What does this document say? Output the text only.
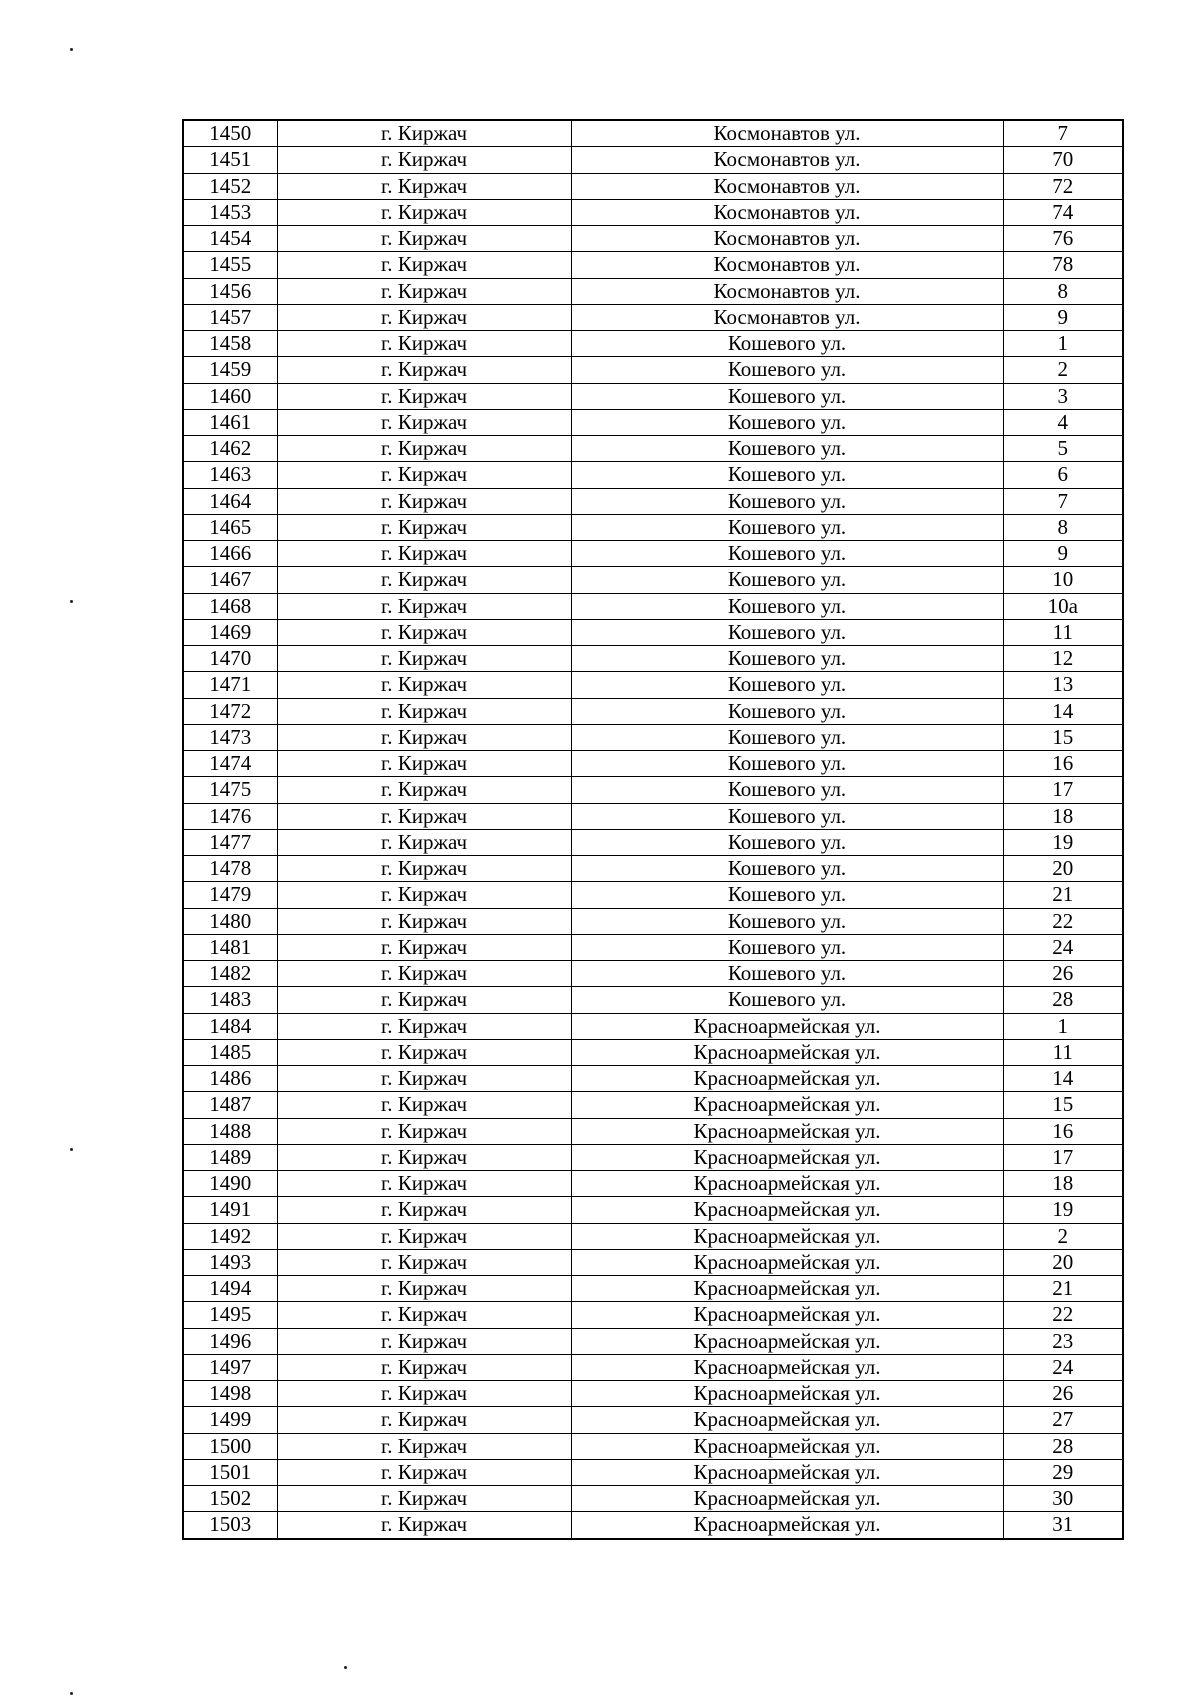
1450	г. Киржач	Космонавтов ул.	7
1451	г. Киржач	Космонавтов ул.	70
1452	г. Киржач	Космонавтов ул.	72
1453	г. Киржач	Космонавтов ул.	74
1454	г. Киржач	Космонавтов ул.	76
1455	г. Киржач	Космонавтов ул.	78
1456	г. Киржач	Космонавтов ул.	8
1457	г. Киржач	Космонавтов ул.	9
1458	г. Киржач	Кошевого ул.	1
1459	г. Киржач	Кошевого ул.	2
1460	г. Киржач	Кошевого ул.	3
1461	г. Киржач	Кошевого ул.	4
1462	г. Киржач	Кошевого ул.	5
1463	г. Киржач	Кошевого ул.	6
1464	г. Киржач	Кошевого ул.	7
1465	г. Киржач	Кошевого ул.	8
1466	г. Киржач	Кошевого ул.	9
1467	г. Киржач	Кошевого ул.	10
1468	г. Киржач	Кошевого ул.	10а
1469	г. Киржач	Кошевого ул.	11
1470	г. Киржач	Кошевого ул.	12
1471	г. Киржач	Кошевого ул.	13
1472	г. Киржач	Кошевого ул.	14
1473	г. Киржач	Кошевого ул.	15
1474	г. Киржач	Кошевого ул.	16
1475	г. Киржач	Кошевого ул.	17
1476	г. Киржач	Кошевого ул.	18
1477	г. Киржач	Кошевого ул.	19
1478	г. Киржач	Кошевого ул.	20
1479	г. Киржач	Кошевого ул.	21
1480	г. Киржач	Кошевого ул.	22
1481	г. Киржач	Кошевого ул.	24
1482	г. Киржач	Кошевого ул.	26
1483	г. Киржач	Кошевого ул.	28
1484	г. Киржач	Красноармейская ул.	1
1485	г. Киржач	Красноармейская ул.	11
1486	г. Киржач	Красноармейская ул.	14
1487	г. Киржач	Красноармейская ул.	15
1488	г. Киржач	Красноармейская ул.	16
1489	г. Киржач	Красноармейская ул.	17
1490	г. Киржач	Красноармейская ул.	18
1491	г. Киржач	Красноармейская ул.	19
1492	г. Киржач	Красноармейская ул.	2
1493	г. Киржач	Красноармейская ул.	20
1494	г. Киржач	Красноармейская ул.	21
1495	г. Киржач	Красноармейская ул.	22
1496	г. Киржач	Красноармейская ул.	23
1497	г. Киржач	Красноармейская ул.	24
1498	г. Киржач	Красноармейская ул.	26
1499	г. Киржач	Красноармейская ул.	27
1500	г. Киржач	Красноармейская ул.	28
1501	г. Киржач	Красноармейская ул.	29
1502	г. Киржач	Красноармейская ул.	30
1503	г. Киржач	Красноармейская ул.	31
